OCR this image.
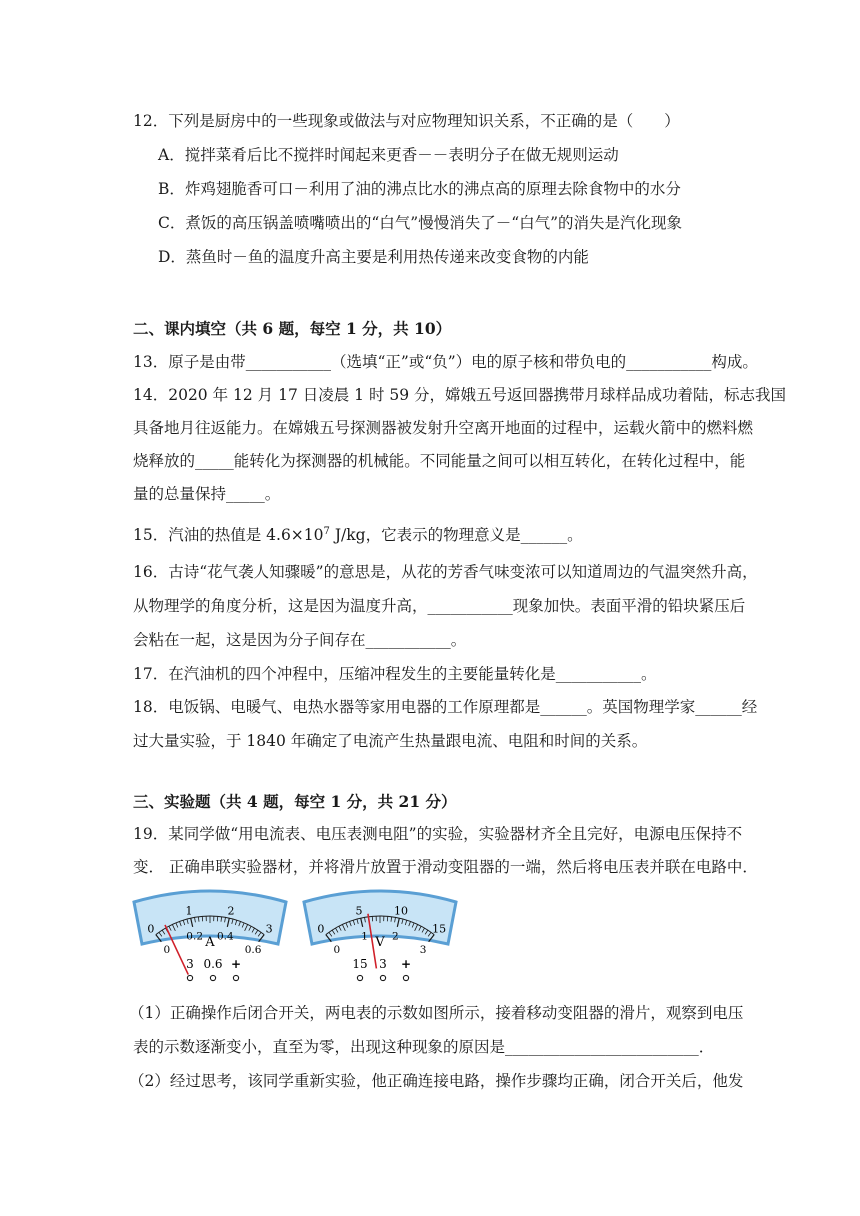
12．下列是厨房中的一些现象或做法与对应物理知识关系，不正确的是（　　）
A．搅拌菜肴后比不搅拌时闻起来更香－－表明分子在做无规则运动
B．炸鸡翅脆香可口－利用了油的沸点比水的沸点高的原理去除食物中的水分
C．煮饭的高压锅盖喷嘴喷出的“白气”慢慢消失了－“白气”的消失是汽化现象
D．蒸鱼时－鱼的温度升高主要是利用热传递来改变食物的内能
二、课内填空（共 6 题，每空 1 分，共 10）
13．原子是由带___________（选填“正”或“负”）电的原子核和带负电的___________构成。
14．2020 年 12 月 17 日凌晨 1 时 59 分，嫦娥五号返回器携带月球样品成功着陆，标志我国
具备地月往返能力。在嫦娥五号探测器被发射升空离开地面的过程中，运载火箭中的燃料燃
烧释放的_____能转化为探测器的机械能。不同能量之间可以相互转化，在转化过程中，能
量的总量保持_____。
15．汽油的热值是 $4.6\times 10^7$ J/kg，它表示的物理意义是______。
16．古诗“花气袭人知骤暖”的意思是，从花的芳香气味变浓可以知道周边的气温突然升高，
从物理学的角度分析，这是因为温度升高，___________现象加快。表面平滑的铅块紧压后
会粘在一起，这是因为分子间存在___________。
17．在汽油机的四个冲程中，压缩冲程发生的主要能量转化是___________。
18．电饭锅、电暖气、电热水器等家用电器的工作原理都是______。英国物理学家______经
过大量实验，于 1840 年确定了电流产生热量跟电流、电阻和时间的关系。
三、实验题（共 4 题，每空 1 分，共 21 分）
19．某同学做“用电流表、电压表测电阻”的实验，实验器材齐全且完好，电源电压保持不
变． 正确串联实验器材，并将滑片放置于滑动变阻器的一端，然后将电压表并联在电路中．
0
1	2
3
0
0.2 0.4
0.6
A
3 0.6 +
0
5	10
15
0
1 2
3
V
15 3 +
（1）正确操作后闭合开关，两电表的示数如图所示，接着移动变阻器的滑片，观察到电压
表的示数逐渐变小，直至为零，出现这种现象的原因是_________________________．
（2）经过思考，该同学重新实验，他正确连接电路，操作步骤均正确，闭合开关后，他发
